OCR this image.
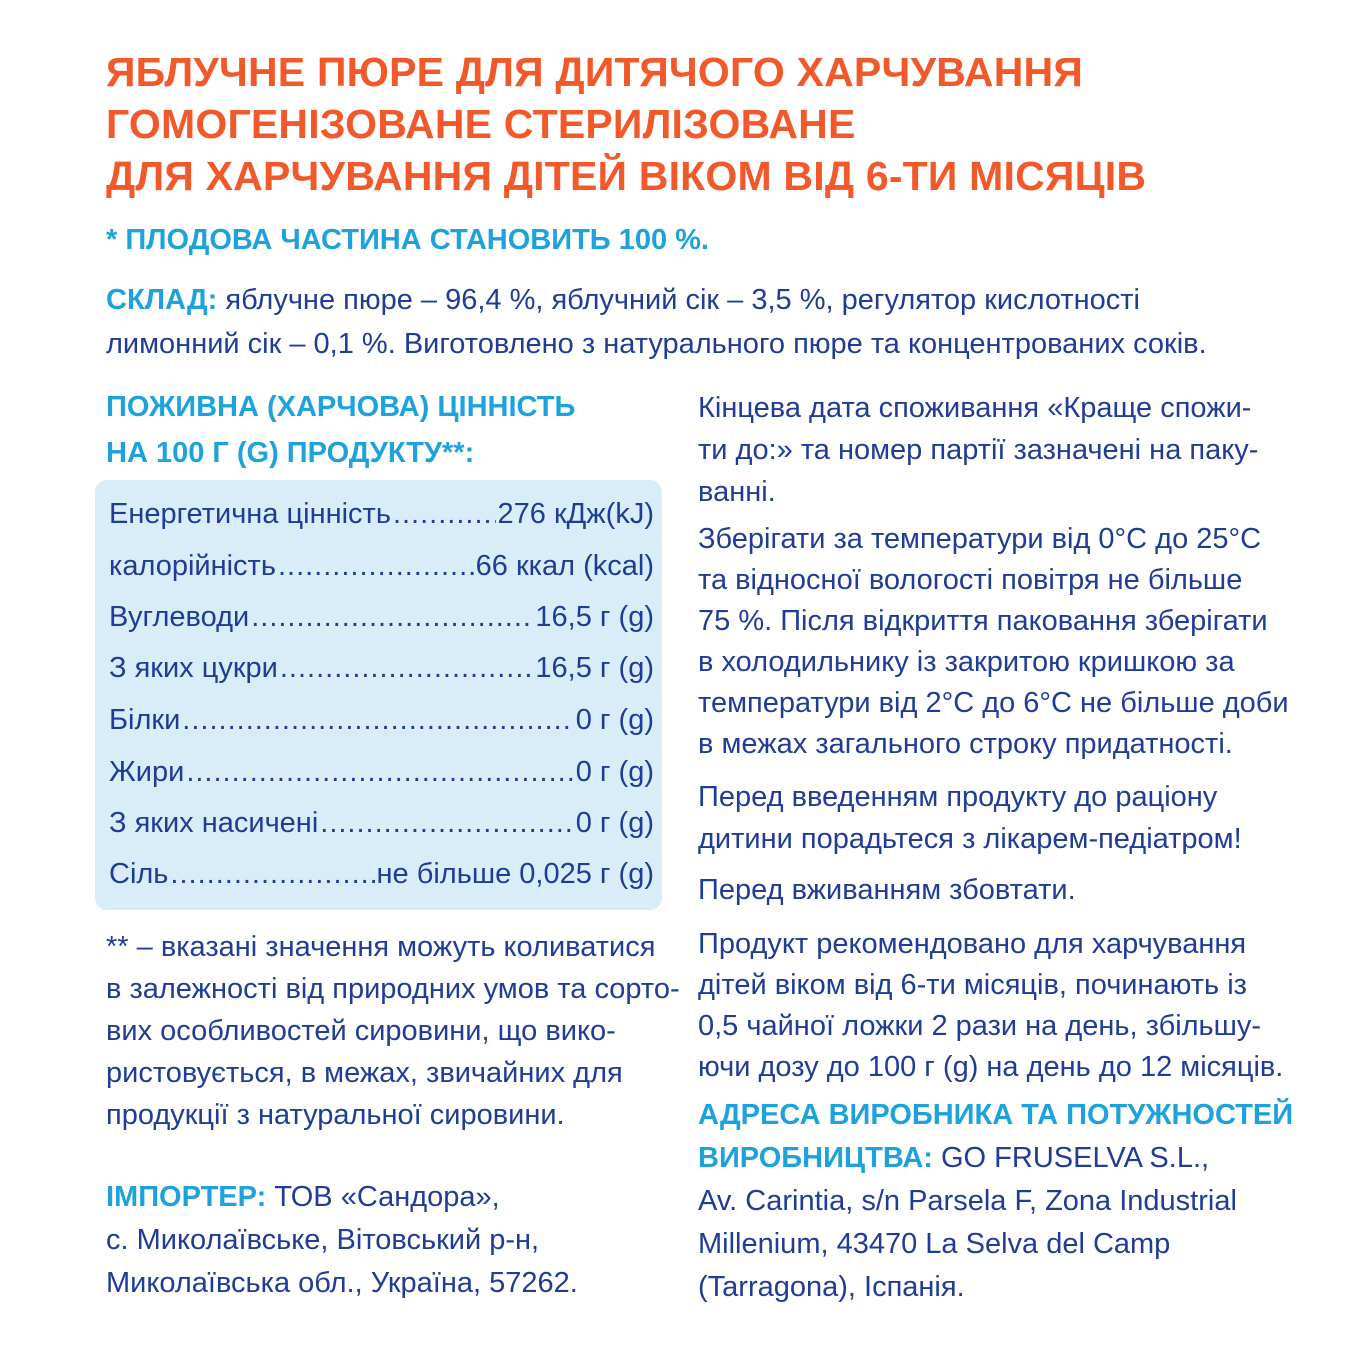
ЯБЛУЧНЕ ПЮРЕ ДЛЯ ДИТЯЧОГО ХАРЧУВАННЯ
ГОМОГЕНІЗОВАНЕ СТЕРИЛІЗОВАНЕ
ДЛЯ ХАРЧУВАННЯ ДІТЕЙ ВІКОМ ВІД 6-ТИ МІСЯЦІВ
* ПЛОДОВА ЧАСТИНА СТАНОВИТЬ 100 %.
СКЛАД: яблучне пюре – 96,4 %, яблучний сік – 3,5 %, регулятор кислотності лимонний сік – 0,1 %. Виготовлено з натурального пюре та концентрованих соків.
ПОЖИВНА (ХАРЧОВА) ЦІННІСТЬ
НА 100 Г (G) ПРОДУКТУ**:
Енергетична цінність .....	276 кДж(kJ)
калорійність .....	66 ккал (kcal)
Вуглеводи .....	16,5 г (g)
З яких цукри .....	16,5 г (g)
Білки .....	0 г (g)
Жири .....	0 г (g)
З яких насичені .....	0 г (g)
Сіль .....	не більше 0,025 г (g)
** – вказані значення можуть коливатися
в залежності від природних умов та сорто-
вих особливостей сировини, що вико-
ристовується, в межах, звичайних для
продукції з натуральної сировини.
ІМПОРТЕР: ТОВ «Сандора»,
с. Миколаївське, Вітовський р-н,
Миколаївська обл., Україна, 57262.
Кінцева дата споживання «Краще спожи-
ти до:» та номер партії зазначені на паку-
ванні.
Зберігати за температури від 0°С до 25°С
та відносної вологості повітря не більше
75 %. Після відкриття паковання зберігати
в холодильнику із закритою кришкою за
температури від 2°С до 6°С не більше доби
в межах загального строку придатності.
Перед введенням продукту до раціону
дитини порадьтеся з лікарем-педіатром!
Перед вживанням збовтати.
Продукт рекомендовано для харчування
дітей віком від 6-ти місяців, починають із
0,5 чайної ложки 2 рази на день, збільшу-
ючи дозу до 100 г (g) на день до 12 місяців.
АДРЕСА ВИРОБНИКА ТА ПОТУЖНОСТЕЙ
ВИРОБНИЦТВА: GO FRUSELVA S.L.,
Av. Carintia, s/n Parsela F, Zona Industrial
Millenium, 43470 La Selva del Camp
(Tarragona), Іспанія.
